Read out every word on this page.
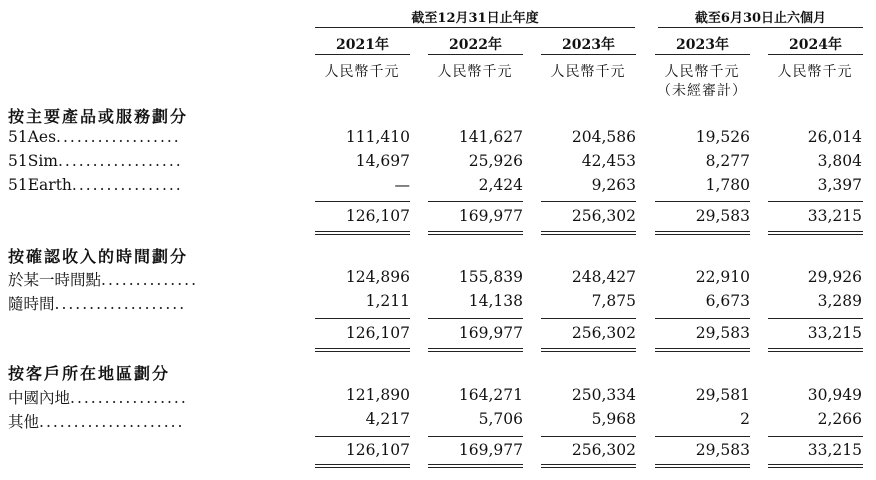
截至12月31日止年度	截至6月30日止六個月
2021年	2022年	2023年	2023年	2024年
人民幣千元	人民幣千元	人民幣千元	人民幣千元	人民幣千元
（未經審計）
按主要產品或服務劃分
51Aes..................	111,410	141,627	204,586	19,526	26,014
51Sim..................	14,697	25,926	42,453	8,277	3,804
51Earth................	—	2,424	9,263	1,780	3,397
126,107	169,977	256,302	29,583	33,215
按確認收入的時間劃分
於某一時間點..............	124,896	155,839	248,427	22,910	29,926
隨時間...................	1,211	14,138	7,875	6,673	3,289
126,107	169,977	256,302	29,583	33,215
按客戶所在地區劃分
中國內地.................	121,890	164,271	250,334	29,581	30,949
其他.....................	4,217	5,706	5,968	2	2,266
126,107	169,977	256,302	29,583	33,215
